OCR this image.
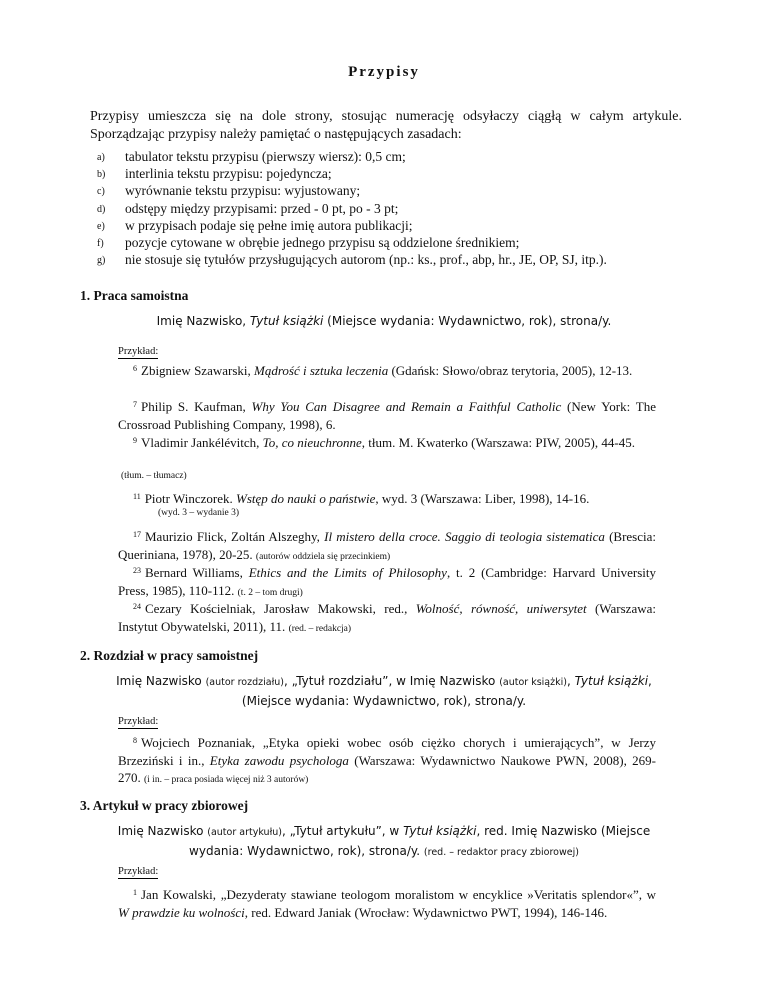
Przypisy
Przypisy umieszcza się na dole strony, stosując numerację odsyłaczy ciągłą w całym artykule. Sporządzając przypisy należy pamiętać o następujących zasadach:
a) tabulator tekstu przypisu (pierwszy wiersz): 0,5 cm;
b) interlinia tekstu przypisu: pojedyncza;
c) wyrównanie tekstu przypisu: wyjustowany;
d) odstępy między przypisami: przed - 0 pt, po - 3 pt;
e) w przypisach podaje się pełne imię autora publikacji;
f) pozycje cytowane w obrębie jednego przypisu są oddzielone średnikiem;
g) nie stosuje się tytułów przysługujących autorom (np.: ks., prof., abp, hr., JE, OP, SJ, itp.).
1. Praca samoistna
Imię Nazwisko, Tytuł książki (Miejsce wydania: Wydawnictwo, rok), strona/y.
Przykład:
$^6$ Zbigniew Szawarski, Mądrość i sztuka leczenia (Gdańsk: Słowo/obraz terytoria, 2005), 12-13.
$^7$ Philip S. Kaufman, Why You Can Disagree and Remain a Faithful Catholic (New York: The Crossroad Publishing Company, 1998), 6.
$^9$ Vladimir Jankélévitch, To, co nieuchronne, tłum. M. Kwaterko (Warszawa: PIW, 2005), 44-45.
(tłum. – tłumacz)
$^{11}$ Piotr Winczorek. Wstęp do nauki o państwie, wyd. 3 (Warszawa: Liber, 1998), 14-16.
(wyd. 3 – wydanie 3)
$^{17}$ Maurizio Flick, Zoltán Alszeghy, Il mistero della croce. Saggio di teologia sistematica (Brescia: Queriniana, 1978), 20-25. (autorów oddziela się przecinkiem)
$^{23}$ Bernard Williams, Ethics and the Limits of Philosophy, t. 2 (Cambridge: Harvard University Press, 1985), 110-112. (t. 2 – tom drugi)
$^{24}$ Cezary Kościelniak, Jarosław Makowski, red., Wolność, równość, uniwersytet (Warszawa: Instytut Obywatelski, 2011), 11. (red. – redakcja)
2. Rozdział w pracy samoistnej
Imię Nazwisko (autor rozdziału), „Tytuł rozdziału”, w Imię Nazwisko (autor książki), Tytuł książki, (Miejsce wydania: Wydawnictwo, rok), strona/y.
Przykład:
$^8$ Wojciech Poznaniak, „Etyka opieki wobec osób ciężko chorych i umierających”, w Jerzy Brzeziński i in., Etyka zawodu psychologa (Warszawa: Wydawnictwo Naukowe PWN, 2008), 269-270. (i in. – praca posiada więcej niż 3 autorów)
3. Artykuł w pracy zbiorowej
Imię Nazwisko (autor artykułu), „Tytuł artykułu”, w Tytuł książki, red. Imię Nazwisko (Miejsce wydania: Wydawnictwo, rok), strona/y. (red. – redaktor pracy zbiorowej)
Przykład:
$^1$ Jan Kowalski, „Dezyderaty stawiane teologom moralistom w encyklice »Veritatis splendor«”, w W prawdzie ku wolności, red. Edward Janiak (Wrocław: Wydawnictwo PWT, 1994), 146-146.
